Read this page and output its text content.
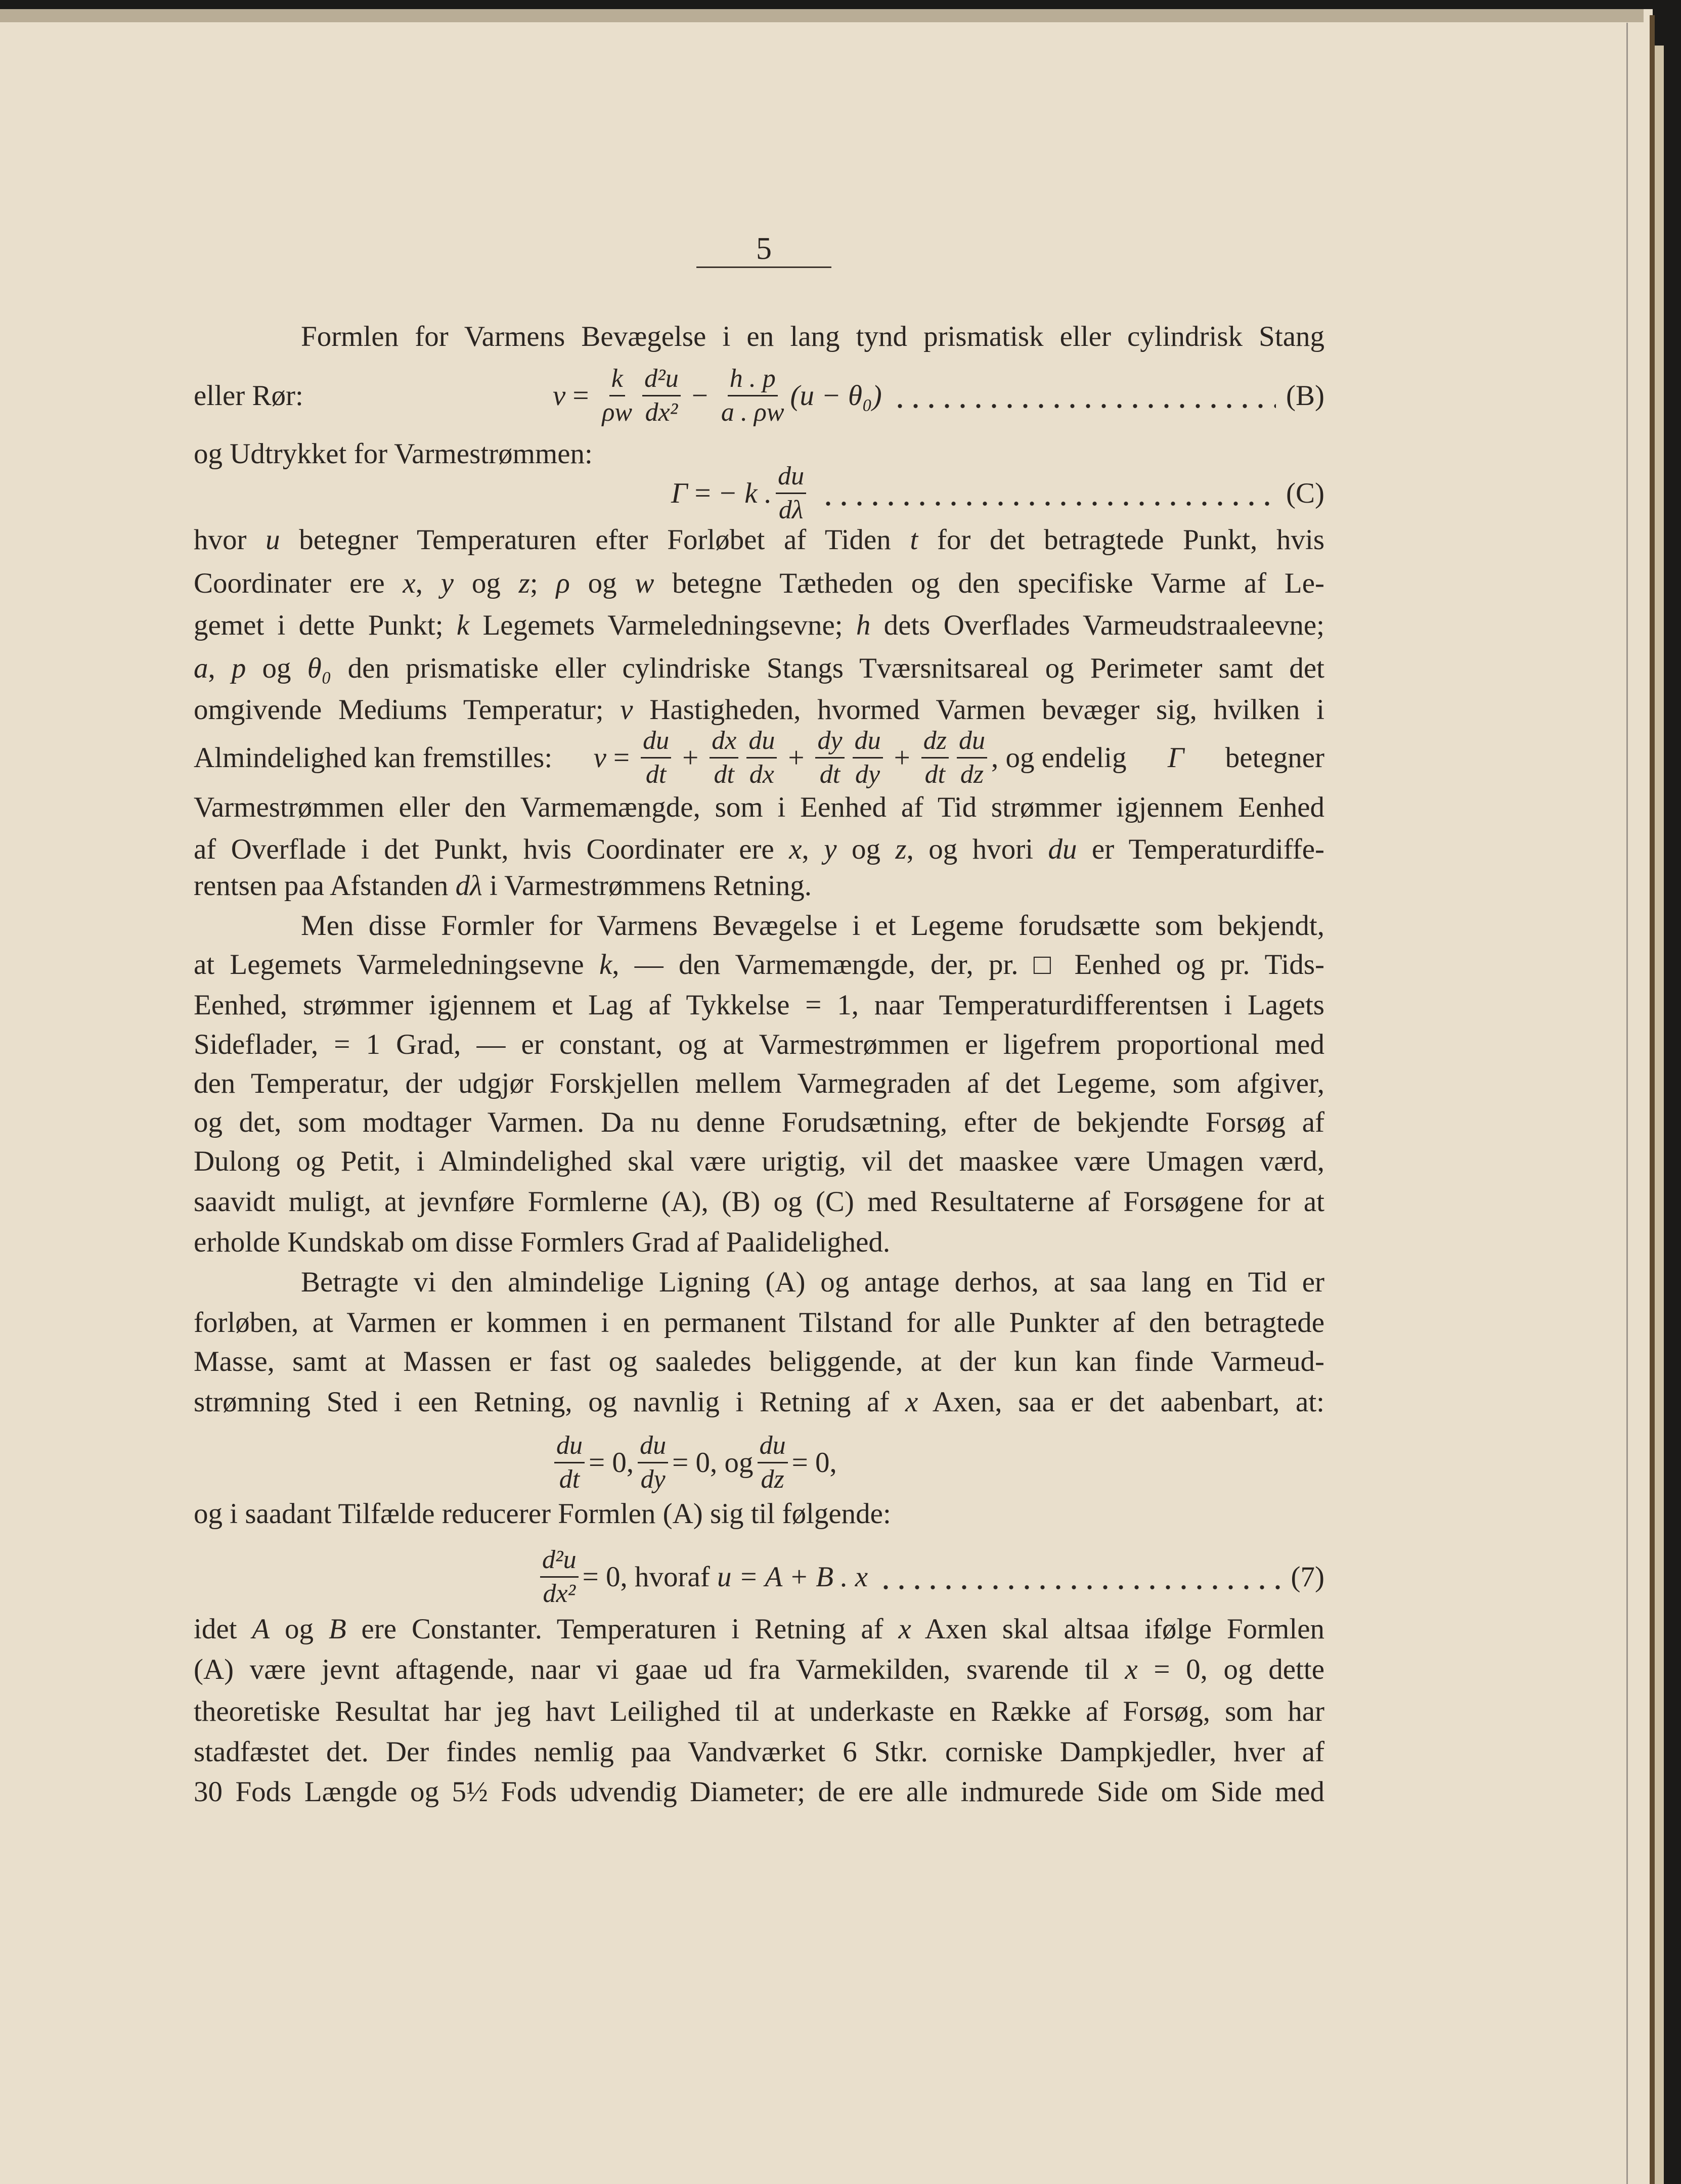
5
Formlen for Varmens Bevægelse i en lang tynd prismatisk eller cylindrisk Stang
eller Rør:	$v = \frac{k}{\rho w} \frac{\text{d²u}}{\text{dx²}} - \frac{h . p}{a . \rho w} (u - \theta_0)$	(B)
og Udtrykket for Varmestrømmen:
Γ = − k . $\frac{du}{d\lambda}$	(C)
hvor u betegner Temperaturen efter Forløbet af Tiden t for det betragtede Punkt, hvis
Coordinater ere x, y og z; ρ og w betegne Tætheden og den specifiske Varme af Le-
gemet i dette Punkt; k Legemets Varmeledningsevne; h dets Overflades Varmeudstraaleevne;
a, p og θ₀ den prismatiske eller cylindriske Stangs Tværsnitsareal og Perimeter samt det
omgivende Mediums Temperatur; v Hastigheden, hvormed Varmen bevæger sig, hvilken i
Almindelighed kan fremstilles: $v = \frac{du}{dt} + \frac{dx}{dt} \frac{du}{dx} + \frac{dy}{dt} \frac{du}{dy} + \frac{dz}{dt} \frac{du}{dz}$ , og endelig Γ betegner
Varmestrømmen eller den Varmemængde, som i Eenhed af Tid strømmer igjennem Eenhed
af Overflade i det Punkt, hvis Coordinater ere x, y og z, og hvori du er Temperaturdiffe-
rentsen paa Afstanden dλ i Varmestrømmens Retning.
Men disse Formler for Varmens Bevægelse i et Legeme forudsætte som bekjendt,
at Legemets Varmeledningsevne k, — den Varmemængde, der, pr. □ Eenhed og pr. Tids-
Eenhed, strømmer igjennem et Lag af Tykkelse = 1, naar Temperaturdifferentsen i Lagets
Sideflader, = 1 Grad, — er constant, og at Varmestrømmen er ligefrem proportional med
den Temperatur, der udgjør Forskjellen mellem Varmegraden af det Legeme, som afgiver,
og det, som modtager Varmen. Da nu denne Forudsætning, efter de bekjendte Forsøg af
Dulong og Petit, i Almindelighed skal være urigtig, vil det maaskee være Umagen værd,
saavidt muligt, at jevnføre Formlerne (A), (B) og (C) med Resultaterne af Forsøgene for at
erholde Kundskab om disse Formlers Grad af Paalidelighed.
Betragte vi den almindelige Ligning (A) og antage derhos, at saa lang en Tid er
forløben, at Varmen er kommen i en permanent Tilstand for alle Punkter af den betragtede
Masse, samt at Massen er fast og saaledes beliggende, at der kun kan finde Varmeud-
strømning Sted i een Retning, og navnlig i Retning af x Axen, saa er det aabenbart, at:
$\frac{du}{dt} = 0$, $\frac{du}{dy} = 0$, og $\frac{du}{dz} = 0$,
og i saadant Tilfælde reducerer Formlen (A) sig til følgende:
$\frac{\text{d²u}}{\text{dx²}} = 0$, hvoraf
u = A + B . x	(7)
idet A og B ere Constanter. Temperaturen i Retning af x Axen skal altsaa ifølge Formlen
(A) være jevnt aftagende, naar vi gaae ud fra Varmekilden, svarende til x = 0, og dette
theoretiske Resultat har jeg havt Leilighed til at underkaste en Række af Forsøg, som har
stadfæstet det. Der findes nemlig paa Vandværket 6 Stkr. corniske Dampkjedler, hver af
30 Fods Længde og 5½ Fods udvendig Diameter; de ere alle indmurede Side om Side med
